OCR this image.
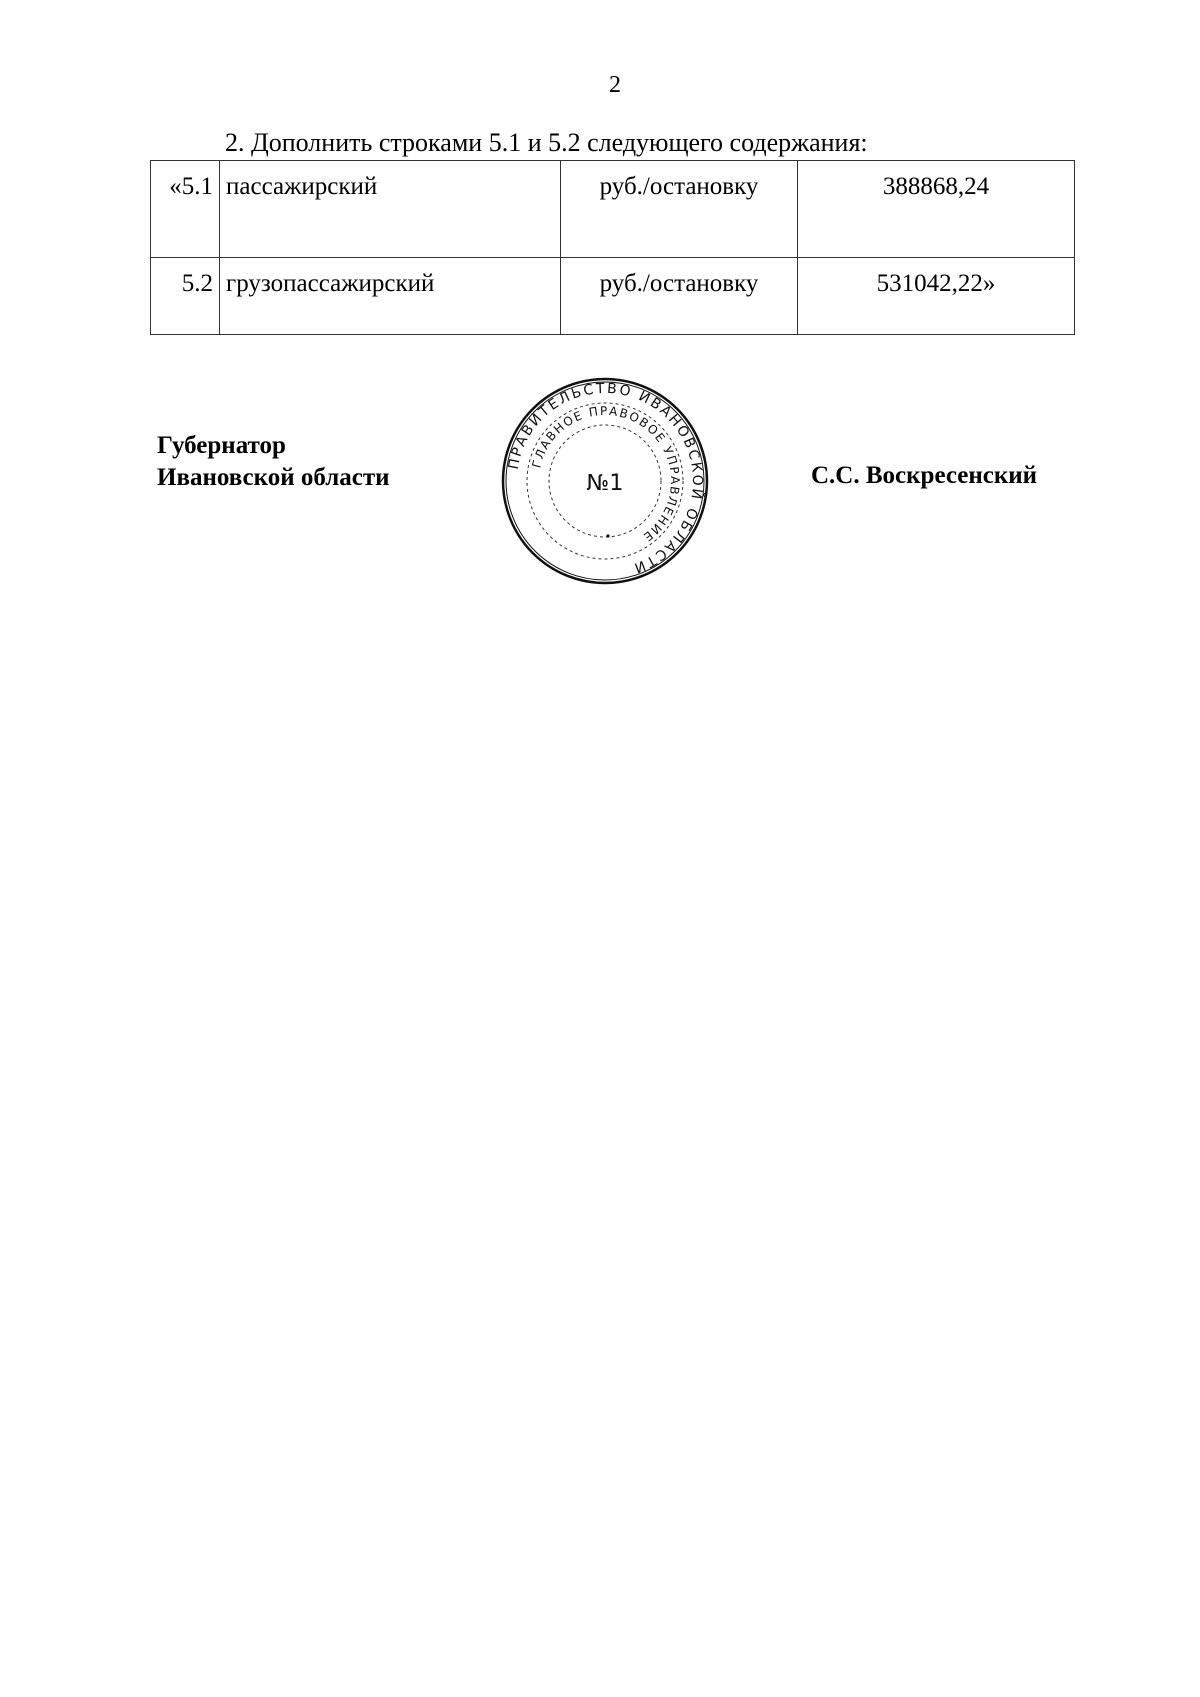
2
2. Дополнить строками 5.1 и 5.2 следующего содержания:
«5.1	пассажирский	руб./остановку	388868,24
5.2	грузопассажирский	руб./остановку	531042,22»
Губернатор
Ивановской области
ПРАВИТЕЛЬСТВО ИВАНОВСКОЙ ОБЛАСТИ
ГЛАВНОЕ ПРАВОВОЕ УПРАВЛЕНИЕ
№1	С.С. Воскресенский
